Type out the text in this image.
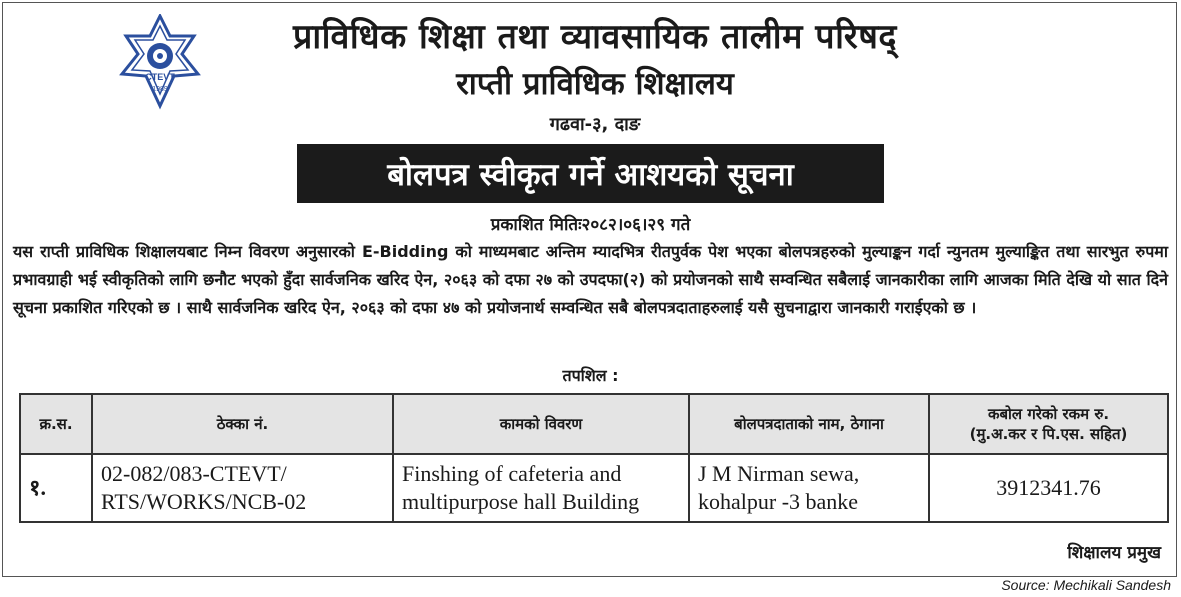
CTEVT
1989
प्राविधिक शिक्षा तथा व्यावसायिक तालीम परिषद्
राप्ती प्राविधिक शिक्षालय
गढवा-३, दाङ
बोलपत्र स्वीकृत गर्ने आशयको सूचना
प्रकाशित मितिः२०८२।०६।२९ गते
यस राप्ती प्राविधिक शिक्षालयबाट निम्न विवरण अनुसारको E-Bidding को माध्यमबाट अन्तिम म्यादभित्र रीतपुर्वक पेश भएका बोलपत्रहरुको मुल्याङ्कन गर्दा न्युनतम मुल्याङ्कित तथा सारभुत रुपमा प्रभावग्राही भई स्वीकृतिको लागि छनौट भएको हुँदा सार्वजनिक खरिद ऐन, २०६३ को दफा २७ को उपदफा(२) को प्रयोजनको साथै सम्वन्धित सबैलाई जानकारीका लागि आजका मिति देखि यो सात दिने सूचना प्रकाशित गरिएको छ । साथै सार्वजनिक खरिद ऐन, २०६३ को दफा ४७ को प्रयोजनार्थ सम्वन्धित सबै बोलपत्रदाताहरुलाई यसै सुचनाद्वारा जानकारी गराईएको छ ।
तपशिल :
क्र.स.	ठेक्का नं.	कामको विवरण	बोलपत्रदाताको नाम, ठेगाना	कबोल गरेको रकम रु.
(मु.अ.कर र पि.एस. सहित)

१.	02-082/083-CTEVT/ RTS/WORKS/NCB-02	Finshing of cafeteria and multipurpose hall Building	J M Nirman sewa, kohalpur -3 banke	3912341.76
शिक्षालय प्रमुख
Source: Mechikali Sandesh
